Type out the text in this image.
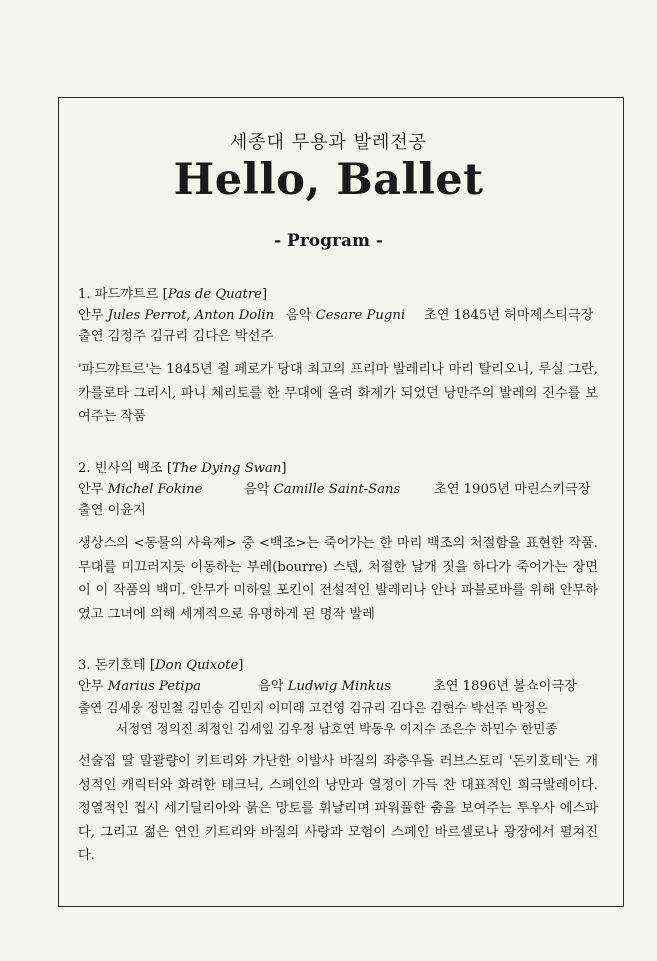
세종대 무용과 발레전공
Hello, Ballet
- Program -
1. 파드꺄트르 [Pas de Quatre]
안무 Jules Perrot, Anton Dolin 음악 Cesare Pugni 초연 1845년 허마제스티극장
출연 김정주 김규리 김다은 박선주
'파드꺄트르'는 1845년 쥘 페로가 당대 최고의 프리마 발레리나 마리 탈리오니, 루실 그란, 카를로타 그리시, 파니 체리토를 한 무대에 올려 화제가 되었던 낭만주의 발레의 진수를 보여주는 작품
2. 빈사의 백조 [The Dying Swan]
안무 Michel Fokine	음악 Camille Saint-Sans	초연 1905년 마린스키극장
출연 이윤지
생상스의 <동물의 사육제> 중 <백조>는 죽어가는 한 마리 백조의 처절함을 표현한 작품. 무대를 미끄러지듯 이동하는 부레(bourre) 스텝, 처절한 날개 짓을 하다가 죽어가는 장면이 이 작품의 백미. 안무가 미하일 포킨이 전설적인 발레리나 안나 파블로바를 위해 안무하였고 그녀에 의해 세계적으로 유명하게 된 명작 발레
3. 돈키호테 [Don Quixote]
안무 Marius Petipa	음악 Ludwig Minkus	초연 1896년 볼쇼이극장
출연 김세웅 정민철 김민송 김민지 이미래 고건영 김규리 김다은 김현수 박선주 박정은
서정연 정의진 최정인 김세잎 김우정 남호연 박동우 이지수 조은수 하민수 한민종
선술집 딸 말괄량이 키트리와 가난한 이발사 바질의 좌충우돌 러브스토리 '돈키호테'는 개성적인 캐릭터와 화려한 테크닉, 스페인의 낭만과 열정이 가득 찬 대표적인 희극발레이다. 정열적인 집시 세기딜리아와 붉은 망토를 휘날리며 파워풀한 춤을 보여주는 투우사 에스파다, 그리고 젊은 연인 키트리와 바질의 사랑과 모험이 스페인 바르셀로나 광장에서 펼쳐진다.
